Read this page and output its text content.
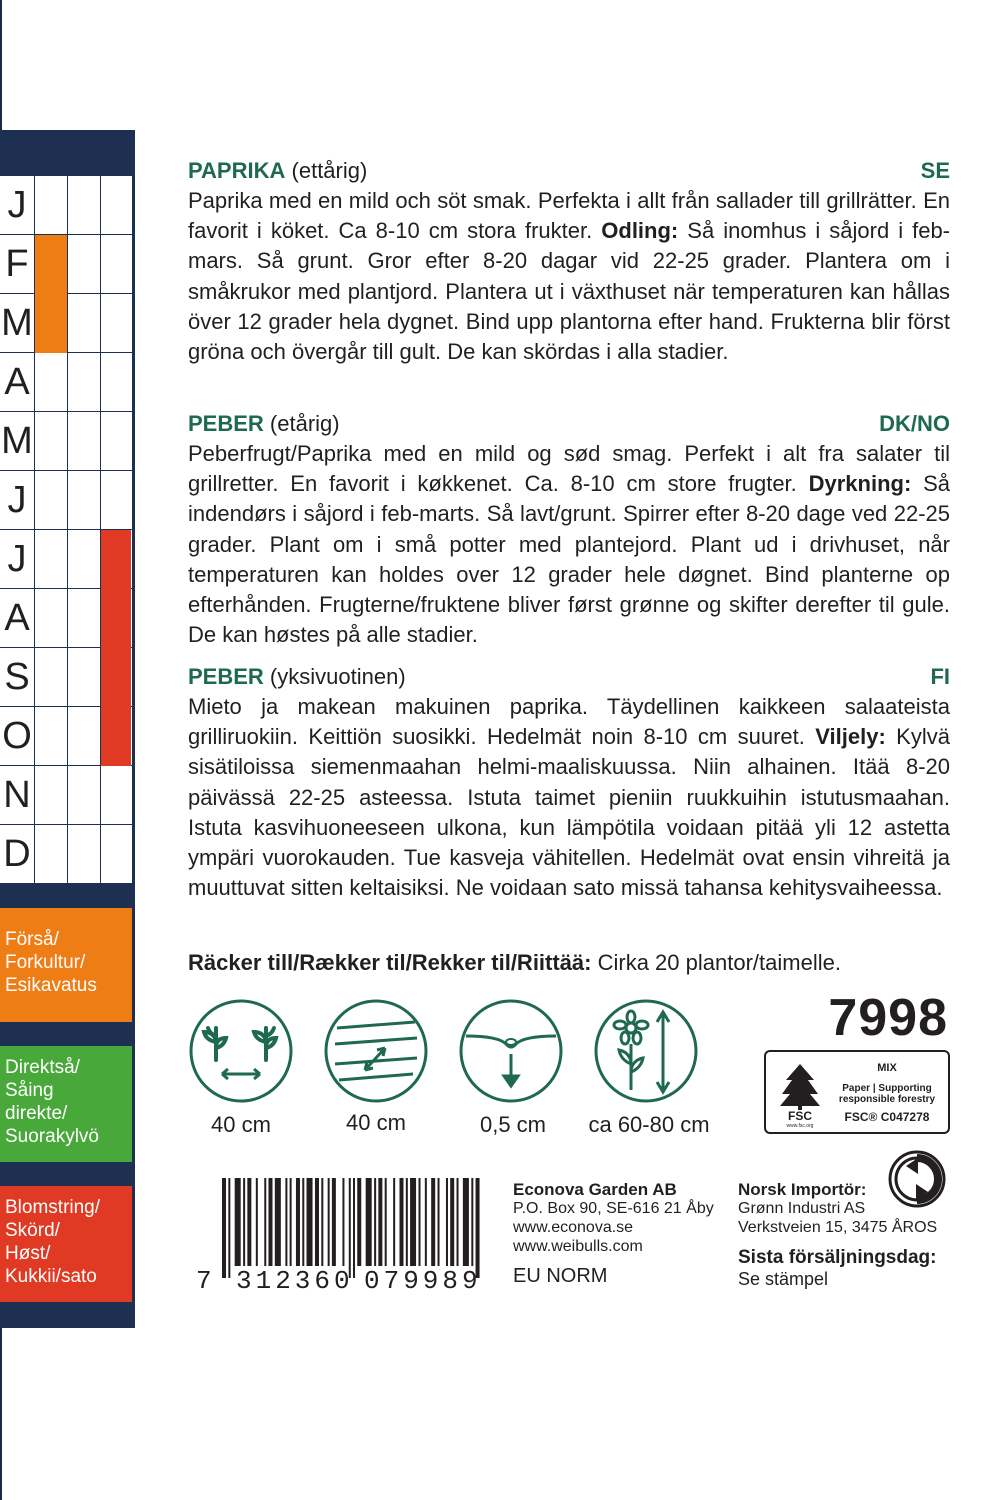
J
F
M
A
M
J
J
A
S
O
N
D
Förså/
Forkultur/
Esikavatus
Direktså/
Såing
direkte/
Suorakylvö
Blomstring/
Skörd/
Høst/
Kukkii/sato
PAPRIKA (ettårig)	SE
Paprika med en mild och söt smak. Perfekta i allt från sallader till grillrätter. En favorit i köket. Ca 8-10 cm stora frukter. Odling: Så inomhus i såjord i feb-mars. Så grunt. Gror efter 8-20 dagar vid 22-25 grader. Plantera om i småkrukor med plantjord. Plantera ut i växthuset när temperaturen kan hållas över 12 grader hela dygnet. Bind upp plantorna efter hand. Frukterna blir först gröna och övergår till gult. De kan skördas i alla stadier.
PEBER (etårig)	DK/NO
Peberfrugt/Paprika med en mild og sød smag. Perfekt i alt fra salater til grillretter. En favorit i køkkenet. Ca. 8-10 cm store frugter. Dyrkning: Så indendørs i såjord i feb-marts. Så lavt/grunt. Spirrer efter 8-20 dage ved 22-25 grader. Plant om i små potter med plantejord. Plant ud i drivhuset, når temperaturen kan holdes over 12 grader hele døgnet. Bind planterne op efterhånden. Frugterne/fruktene bliver først grønne og skifter derefter til gule. De kan høstes på alle stadier.
PEBER (yksivuotinen)	FI
Mieto ja makean makuinen paprika. Täydellinen kaikkeen salaateista grilliruokiin. Keittiön suosikki. Hedelmät noin 8-10 cm suuret. Viljely: Kylvä sisätiloissa siemenmaahan helmi-maaliskuussa. Niin alhainen. Itää 8-20 päivässä 22-25 asteessa. Istuta taimet pieniin ruukkuihin istutusmaahan. Istuta kasvihuoneeseen ulkona, kun lämpötila voidaan pitää yli 12 astetta ympäri vuorokauden. Tue kasveja vähitellen. Hedelmät ovat ensin vihreitä ja muuttuvat sitten keltaisiksi. Ne voidaan sato missä tahansa kehitysvaiheessa.
Räcker till/Rækker til/Rekker til/Riittää: Cirka 20 plantor/taimelle.
40 cm	40 cm	0,5 cm	ca 60-80 cm
7998
FSC
www.fsc.org
MIX
Paper | Supporting
responsible forestry
FSC® C047278
7 312360 079989
Econova Garden AB
P.O. Box 90, SE-616 21 Åby
www.econova.se
www.weibulls.com
EU NORM
Norsk Importör:
Grønn Industri AS
Verkstveien 15, 3475 ÅROS
Sista försäljningsdag:
Se stämpel
